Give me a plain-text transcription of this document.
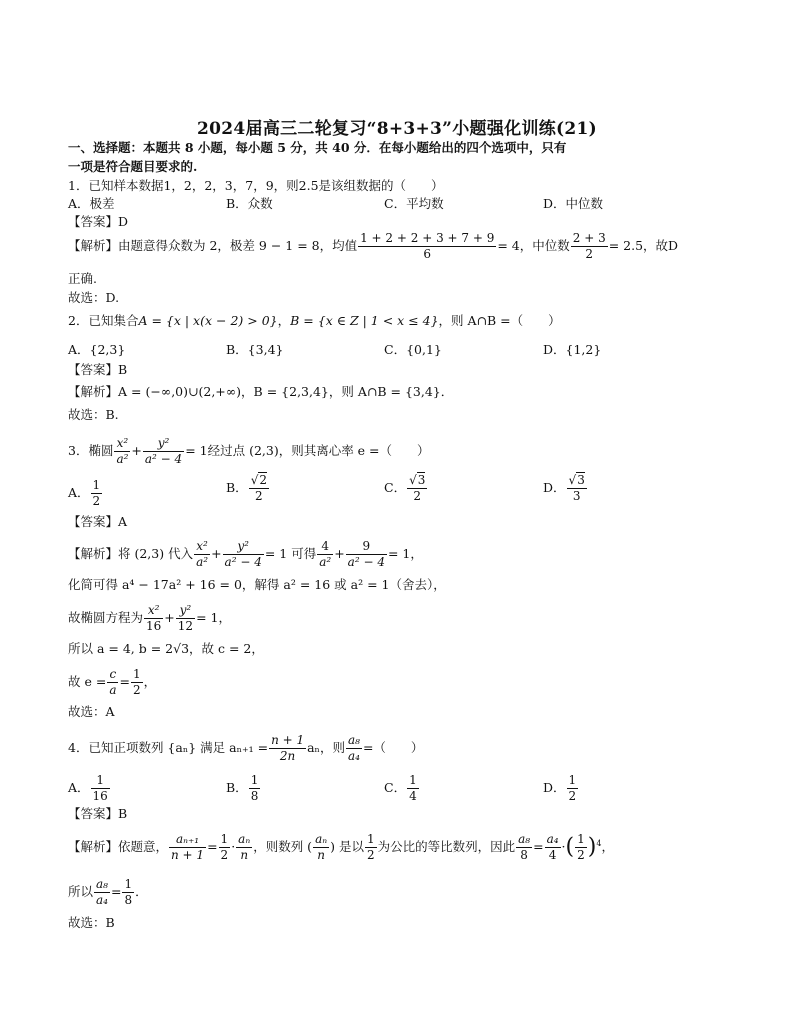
2024届高三二轮复习“8+3+3”小题强化训练(21)
一、选择题：本题共 8 小题，每小题 5 分，共 40 分．在每小题给出的四个选项中，只有
一项是符合题目要求的.
1．已知样本数据1，2，2，3，7，9，则2.5是该组数据的（　　）
A．极差	B．众数	C．平均数	D．中位数
【答案】D
【解析】由题意得众数为 2，极差 9 − 1 = 8，均值 $\frac{1 + 2 + 2 + 3 + 7 + 9}{6} = 4$，中位数 $\frac{2 + 3}{2} = 2.5$，故D
正确.
故选：D.
2．已知集合A = {x | x(x − 2) > 0}，B = {x ∈ Z | 1 < x ≤ 4}，则 A∩B =（　　）
A．{2,3}	B．{3,4}	C．{0,1}	D．{1,2}
【答案】B
【解析】A = (−∞,0)∪(2,+∞)，B = {2,3,4}，则 A∩B = {3,4}．
故选：B.
3．椭圆 $\frac{\text{x²}}{\text{a²}} + \frac{\text{y²}}{\text{a² − 4}} = 1$经过点 (2,3)，则其离心率 e =（　　）
A． $\frac{1}{2}$	B． $\frac{√2}{2}$	C． $\frac{√3}{2}$	D． $\frac{√3}{3}$
【答案】A
【解析】将 (2,3) 代入 $\frac{\text{x²}}{\text{a²}} + \frac{\text{y²}}{\text{a² − 4}} = 1$ 可得 $\frac{4}{\text{a²}} + \frac{9}{\text{a² − 4}} = 1$，
化简可得 a⁴ − 17a² + 16 = 0，解得 a² = 16 或 a² = 1（舍去），
故椭圆方程为 $\frac{\text{x²}}{16} + \frac{\text{y²}}{12} = 1$，
所以 a = 4, b = 2√3，故 c = 2，
故 $e = \frac{c}{a} = \frac{1}{2}$ ，
故选：A
4．已知正项数列 {aₙ} 满足 $a_{n+1} = \frac{n + 1}{2n}$ aₙ，则 $\frac{\text{a₈}}{\text{a₄}}$ =（　　）
A． $\frac{1}{16}$	B． $\frac{1}{8}$	C． $\frac{1}{4}$	D． $\frac{1}{2}$
【答案】B
【解析】依题意， $\frac{\text{aₙ₊₁}}{n + 1} = \frac{1}{2} \cdot \frac{\text{aₙ}}{n}$ ，则数列 ( $\frac{\text{aₙ}}{n}$ ) 是以 $\frac{1}{2}$ 为公比的等比数列，因此 $\frac{\text{a₈}}{8} = \frac{\text{a₄}}{4}$ ·( $\frac{1}{2} )^4$，
所以 $\frac{\text{a₈}}{\text{a₄}} = \frac{1}{8}$ ．
故选：B
